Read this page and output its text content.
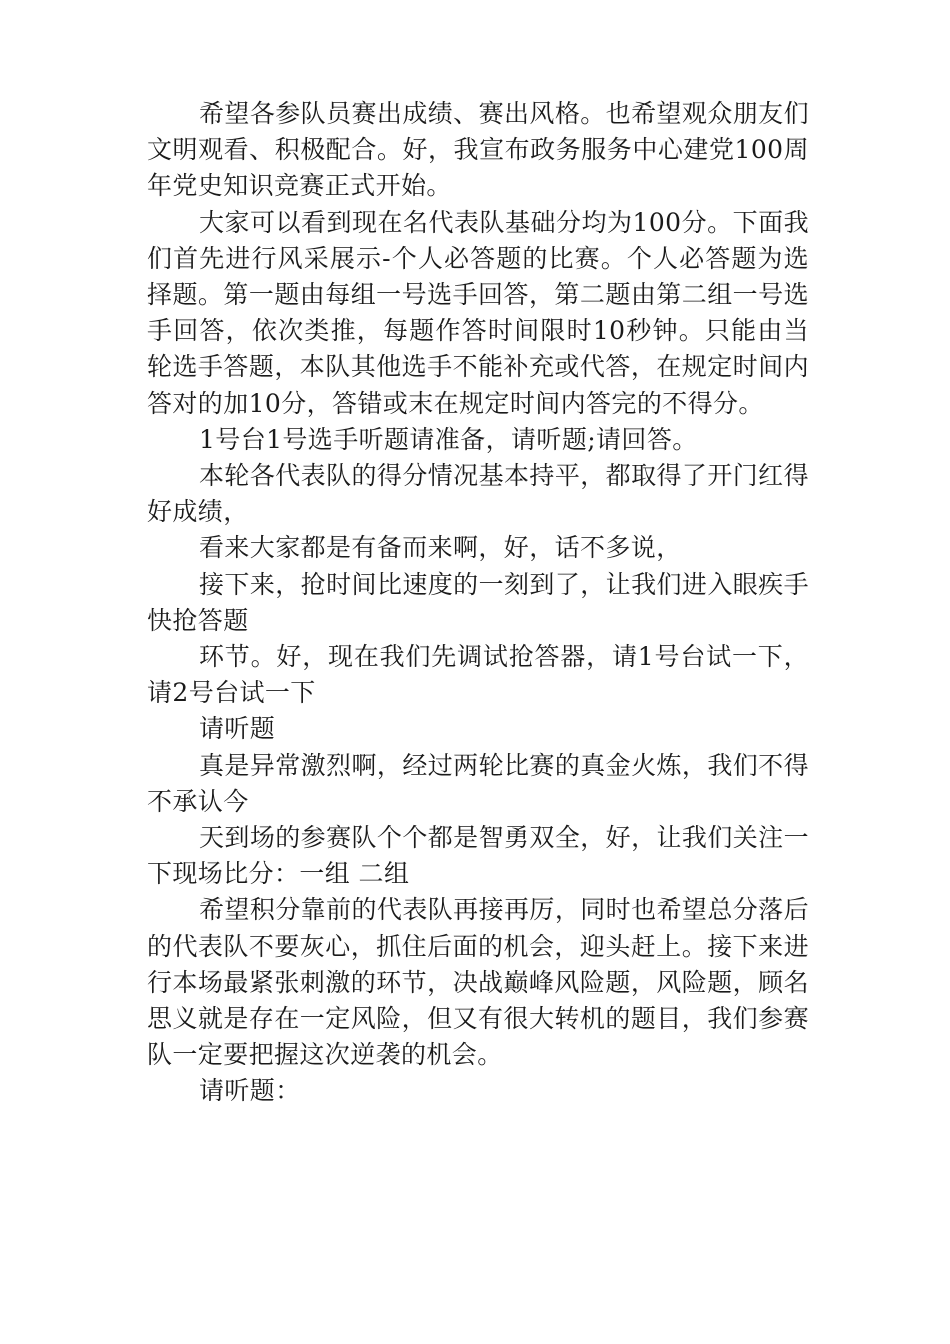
希望各参队员赛出成绩、赛出风格。也希望观众朋友们文明观看、积极配合。好，我宣布政务服务中心建党100周年党史知识竞赛正式开始。

大家可以看到现在名代表队基础分均为100分。下面我们首先进行风采展示-个人必答题的比赛。个人必答题为选择题。第一题由每组一号选手回答，第二题由第二组一号选手回答，依次类推，每题作答时间限时10秒钟。只能由当轮选手答题，本队其他选手不能补充或代答，在规定时间内答对的加10分，答错或末在规定时间内答完的不得分。

1号台1号选手听题请准备，请听题;请回答。

本轮各代表队的得分情况基本持平，都取得了开门红得好成绩，

看来大家都是有备而来啊，好，话不多说，

接下来，抢时间比速度的一刻到了，让我们进入眼疾手快抢答题

环节。好，现在我们先调试抢答器，请1号台试一下，请2号台试一下

请听题

真是异常激烈啊，经过两轮比赛的真金火炼，我们不得不承认今

天到场的参赛队个个都是智勇双全，好，让我们关注一下现场比分：一组 二组

希望积分靠前的代表队再接再厉，同时也希望总分落后的代表队不要灰心，抓住后面的机会，迎头赶上。接下来进行本场最紧张刺激的环节，决战巅峰风险题，风险题，顾名思义就是存在一定风险，但又有很大转机的题目，我们参赛队一定要把握这次逆袭的机会。

请听题：
